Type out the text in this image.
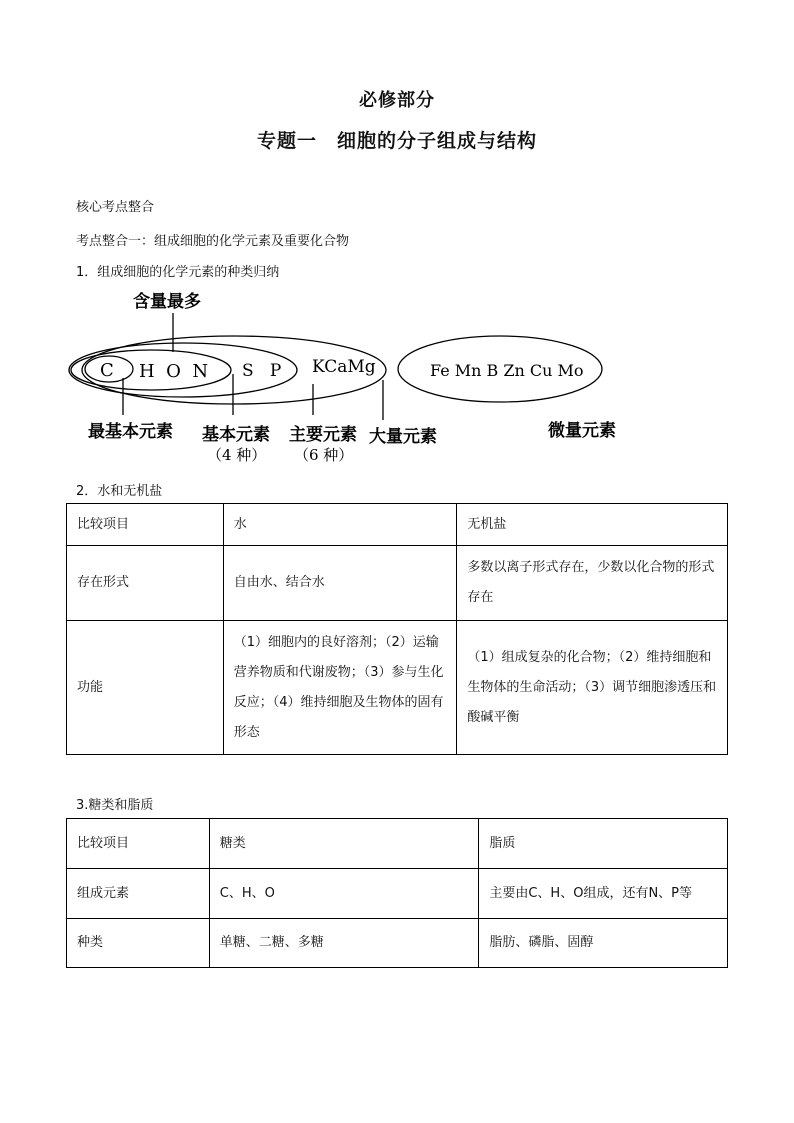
必修部分
专题一　细胞的分子组成与结构
核心考点整合
考点整合一：组成细胞的化学元素及重要化合物
1．组成细胞的化学元素的种类归纳
含量最多
C H  O  N S   P KCaMg	Fe Mn B Zn Cu Mo
最基本元素 基本元素
（4 种）
主要元素
（6 种）
大量元素	微量元素
2．水和无机盐
比较项目	水	无机盐
存在形式	自由水、结合水	多数以离子形式存在，少数以化合物的形式存在
功能	（1）细胞内的良好溶剂；（2）运输营养物质和代谢废物；（3）参与生化反应；（4）维持细胞及生物体的固有形态	（1）组成复杂的化合物；（2）维持细胞和生物体的生命活动；（3）调节细胞渗透压和酸碱平衡
3.糖类和脂质
比较项目	糖类	脂质
组成元素	C、H、O	主要由C、H、O组成，还有N、P等
种类	单糖、二糖、多糖	脂肪、磷脂、固醇
